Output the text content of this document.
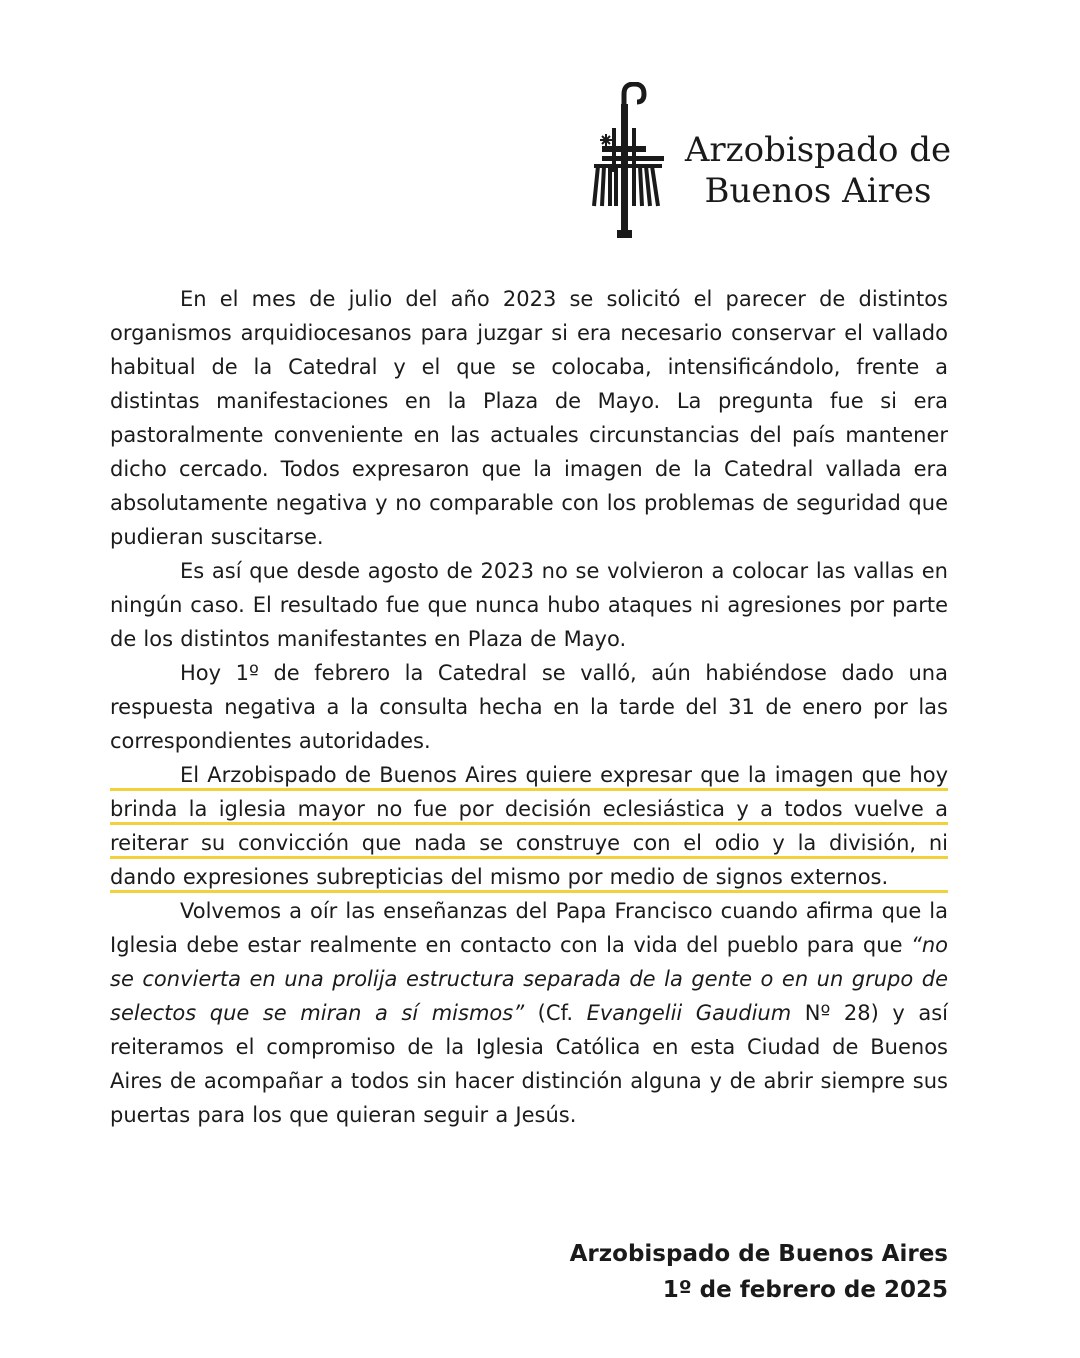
Arzobispado de
Buenos Aires

En el mes de julio del año 2023 se solicitó el parecer de distintos organismos arquidiocesanos para juzgar si era necesario conservar el vallado habitual de la Catedral y el que se colocaba, intensificándolo, frente a distintas manifestaciones en la Plaza de Mayo. La pregunta fue si era pastoralmente conveniente en las actuales circunstancias del país mantener dicho cercado. Todos expresaron que la imagen de la Catedral vallada era absolutamente negativa y no comparable con los problemas de seguridad que pudieran suscitarse.

Es así que desde agosto de 2023 no se volvieron a colocar las vallas en ningún caso. El resultado fue que nunca hubo ataques ni agresiones por parte de los distintos manifestantes en Plaza de Mayo.

Hoy 1º de febrero la Catedral se valló, aún habiéndose dado una respuesta negativa a la consulta hecha en la tarde del 31 de enero por las correspondientes autoridades.

El Arzobispado de Buenos Aires quiere expresar que la imagen que hoy brinda la iglesia mayor no fue por decisión eclesiástica y a todos vuelve a reiterar su convicción que nada se construye con el odio y la división, ni dando expresiones subrepticias del mismo por medio de signos externos.

Volvemos a oír las enseñanzas del Papa Francisco cuando afirma que la Iglesia debe estar realmente en contacto con la vida del pueblo para que “no se convierta en una prolija estructura separada de la gente o en un grupo de selectos que se miran a sí mismos” (Cf. Evangelii Gaudium Nº 28) y así reiteramos el compromiso de la Iglesia Católica en esta Ciudad de Buenos Aires de acompañar a todos sin hacer distinción alguna y de abrir siempre sus puertas para los que quieran seguir a Jesús.

Arzobispado de Buenos Aires
1º de febrero de 2025
